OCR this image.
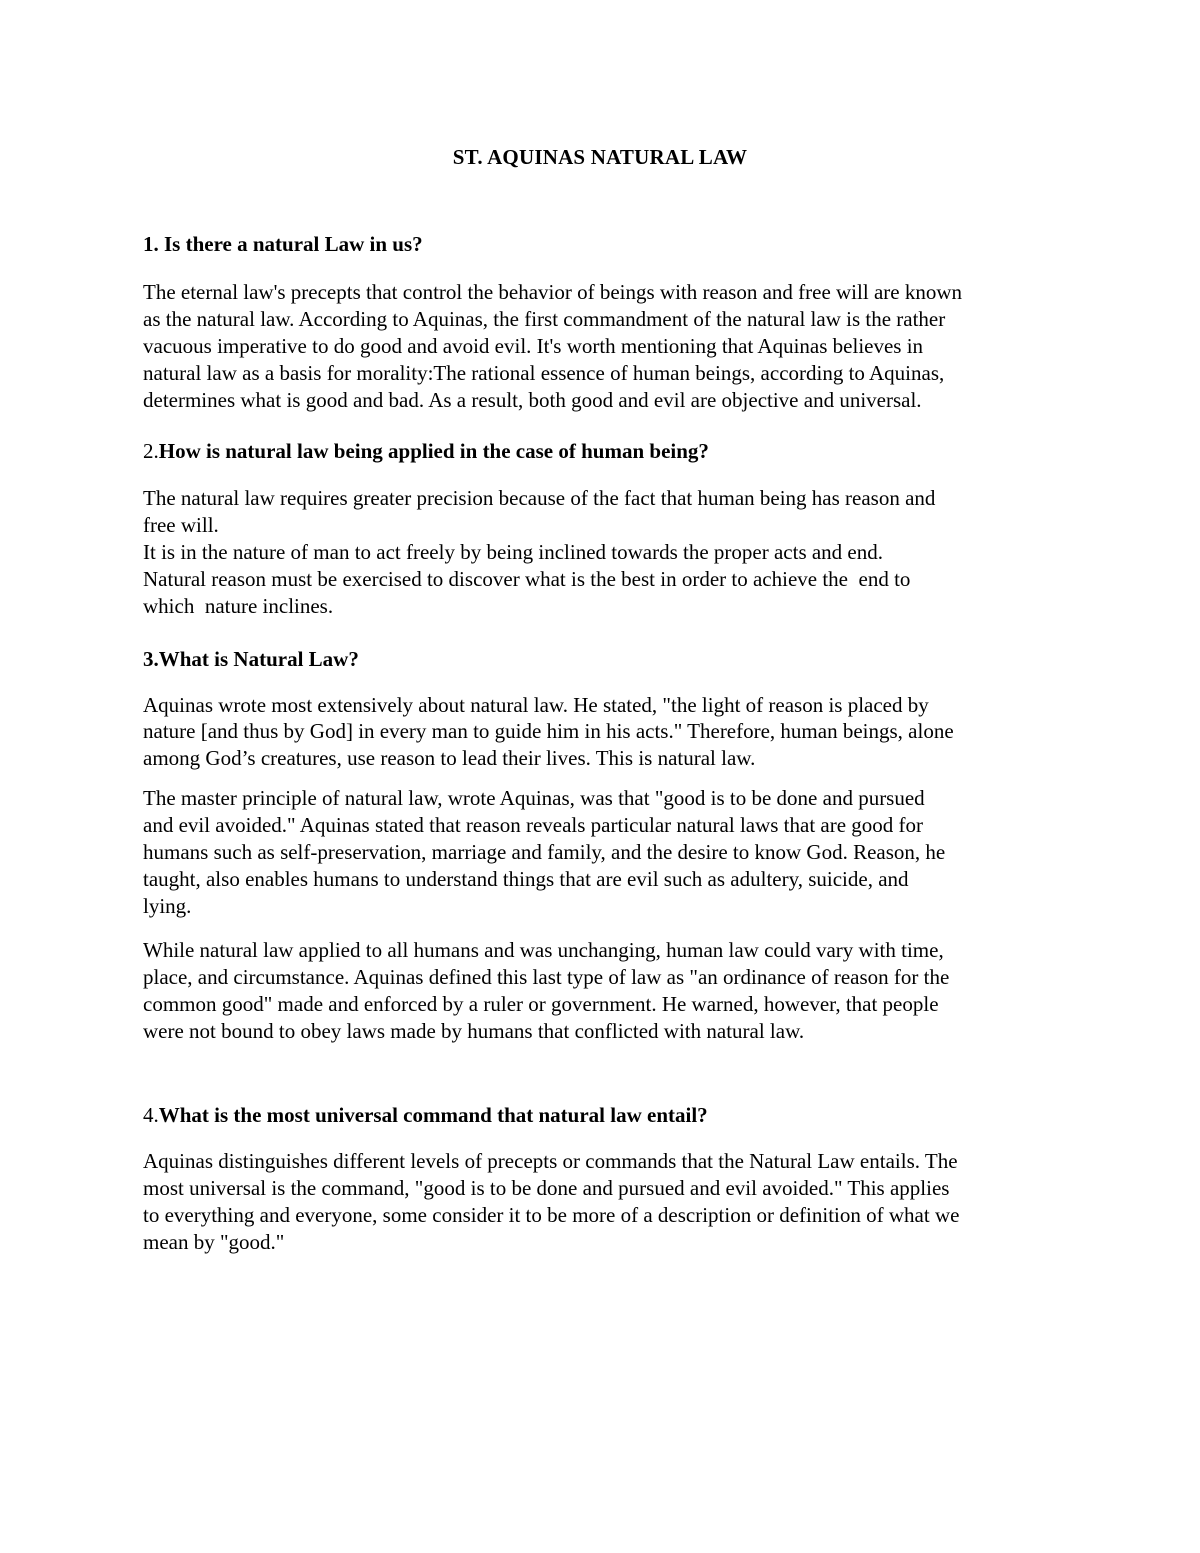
ST. AQUINAS NATURAL LAW
1. Is there a natural Law in us?
The eternal law's precepts that control the behavior of beings with reason and free will are known
as the natural law. According to Aquinas, the first commandment of the natural law is the rather
vacuous imperative to do good and avoid evil. It's worth mentioning that Aquinas believes in
natural law as a basis for morality:The rational essence of human beings, according to Aquinas,
determines what is good and bad. As a result, both good and evil are objective and universal.
2.How is natural law being applied in the case of human being?
The natural law requires greater precision because of the fact that human being has reason and
free will.
It is in the nature of man to act freely by being inclined towards the proper acts and end.
Natural reason must be exercised to discover what is the best in order to achieve the  end to
which  nature inclines.
3.What is Natural Law?
Aquinas wrote most extensively about natural law. He stated, "the light of reason is placed by
nature [and thus by God] in every man to guide him in his acts." Therefore, human beings, alone
among God’s creatures, use reason to lead their lives. This is natural law.
The master principle of natural law, wrote Aquinas, was that "good is to be done and pursued
and evil avoided." Aquinas stated that reason reveals particular natural laws that are good for
humans such as self-preservation, marriage and family, and the desire to know God. Reason, he
taught, also enables humans to understand things that are evil such as adultery, suicide, and
lying.
While natural law applied to all humans and was unchanging, human law could vary with time,
place, and circumstance. Aquinas defined this last type of law as "an ordinance of reason for the
common good" made and enforced by a ruler or government. He warned, however, that people
were not bound to obey laws made by humans that conflicted with natural law.
4.What is the most universal command that natural law entail?
Aquinas distinguishes different levels of precepts or commands that the Natural Law entails. The
most universal is the command, "good is to be done and pursued and evil avoided." This applies
to everything and everyone, some consider it to be more of a description or definition of what we
mean by "good."
